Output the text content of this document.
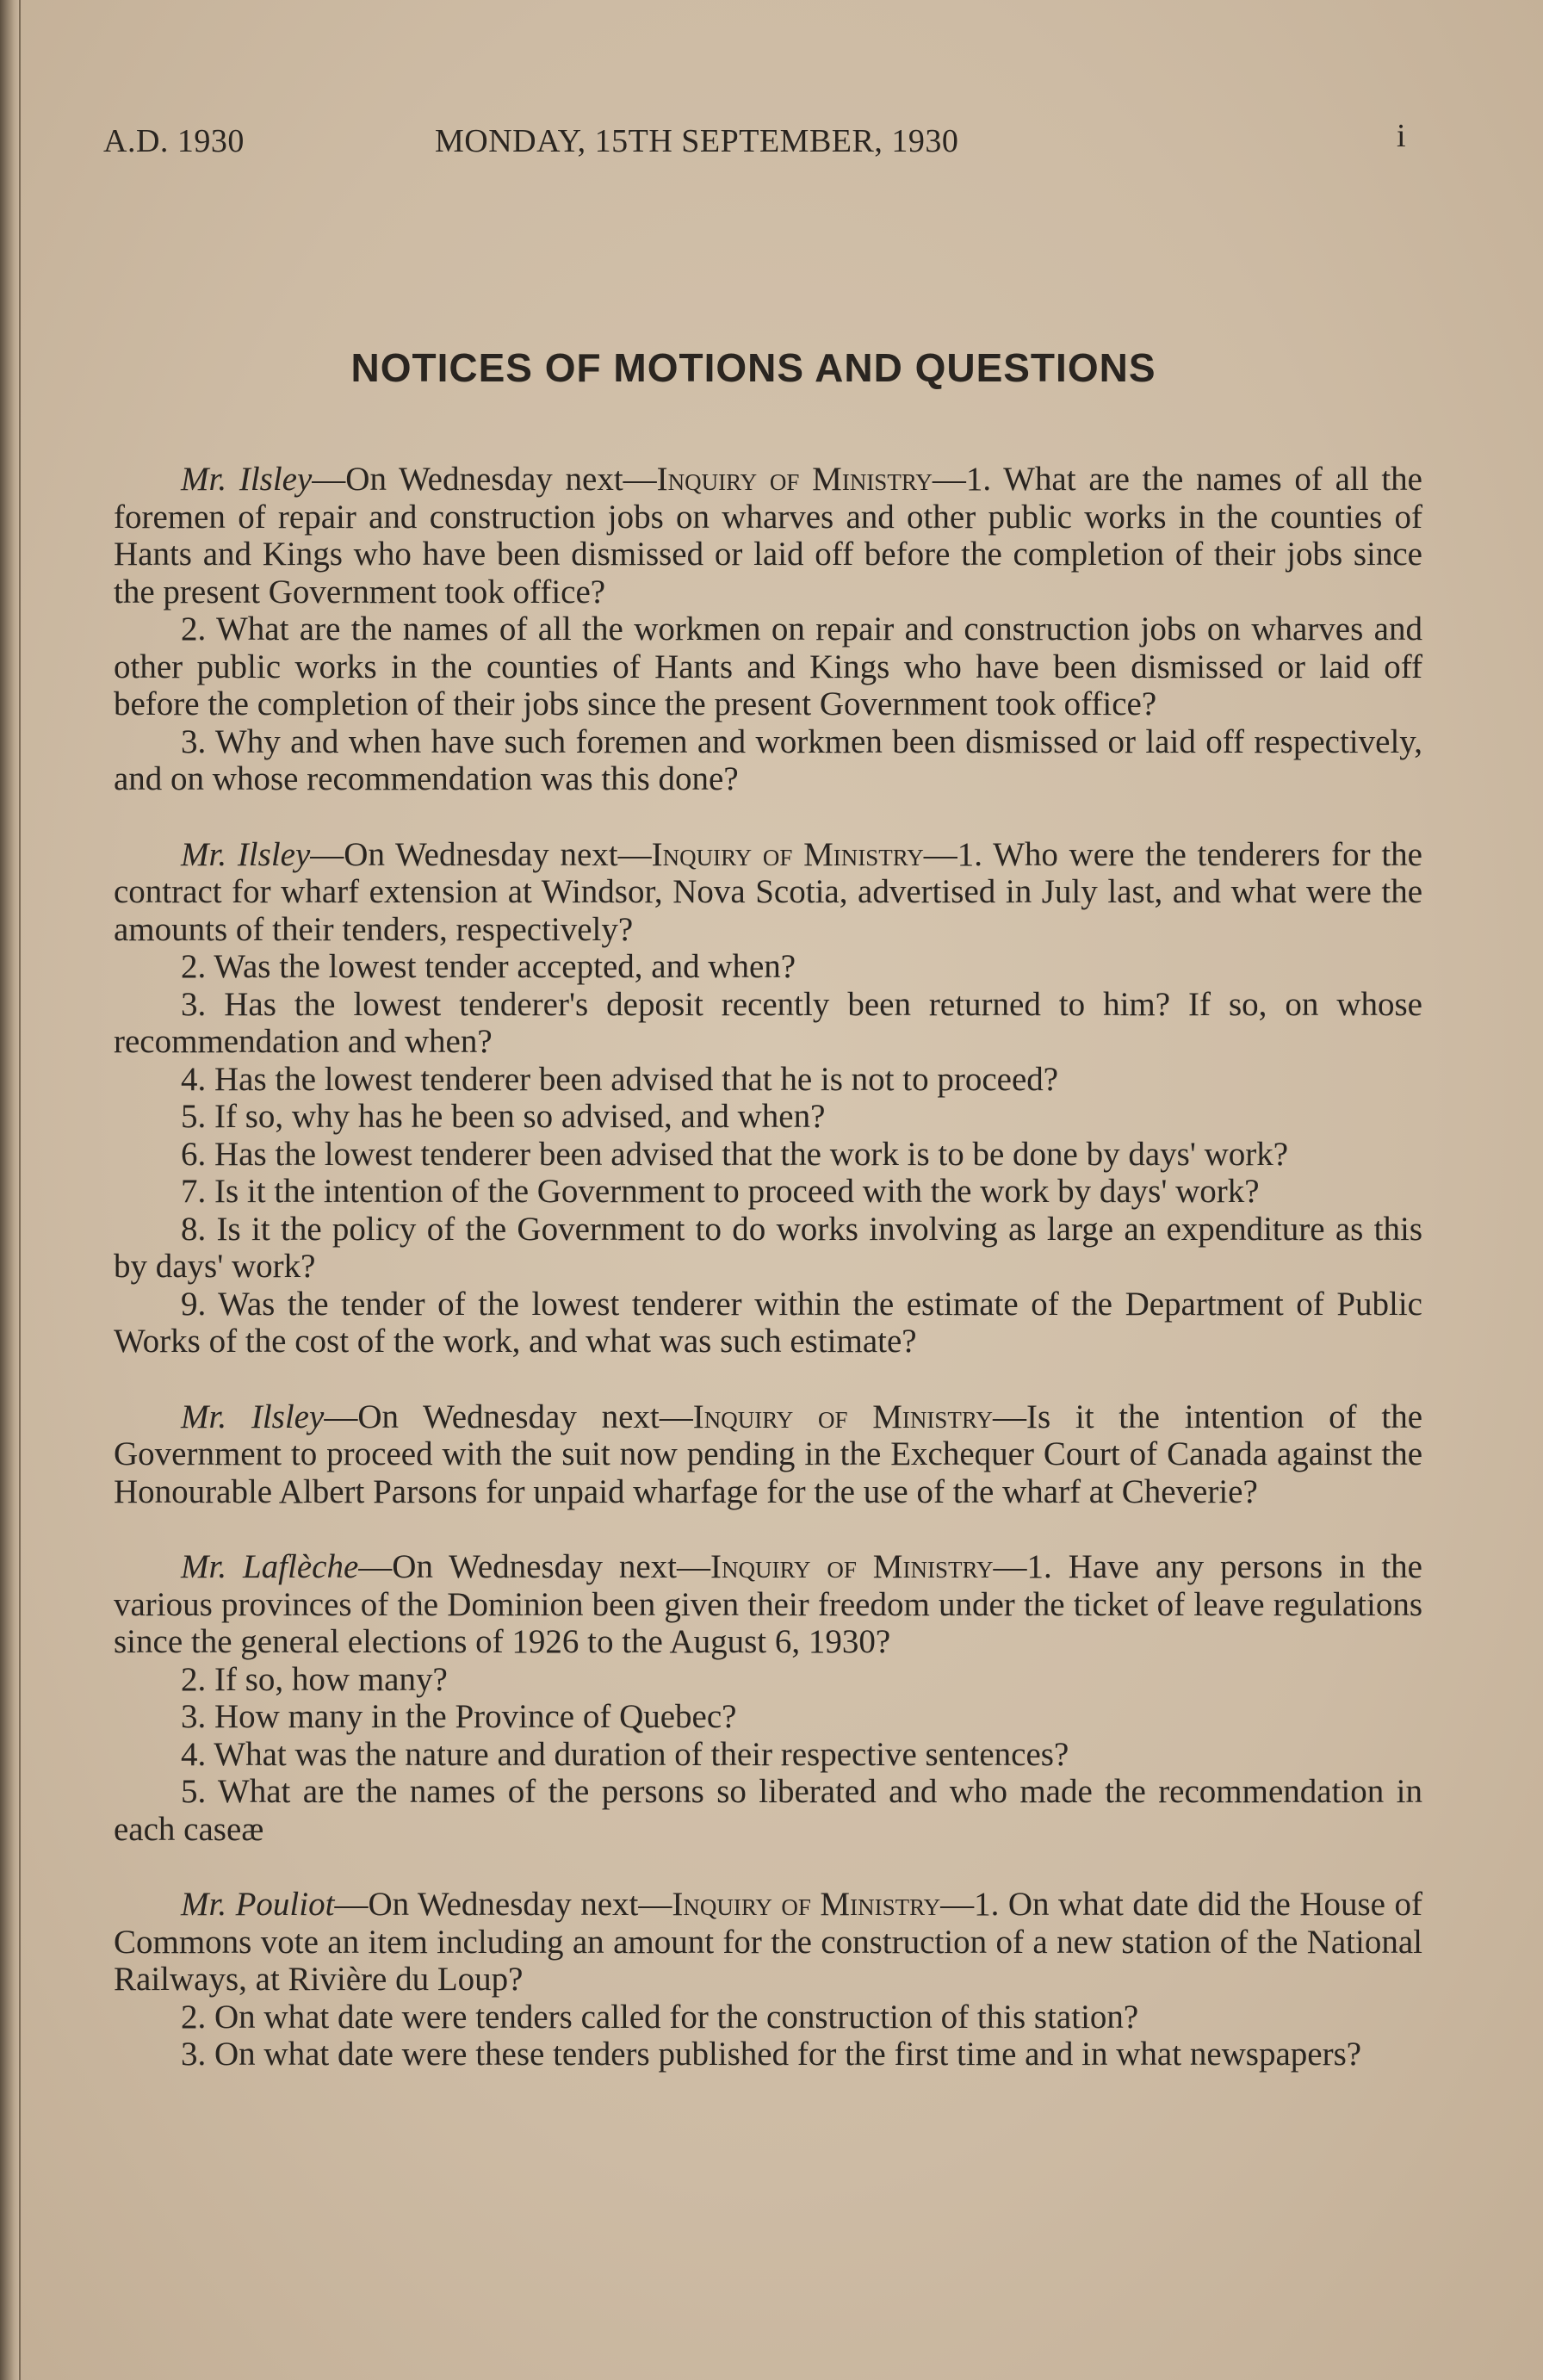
A.D. 1930	MONDAY, 15TH SEPTEMBER, 1930	i
NOTICES OF MOTIONS AND QUESTIONS

Mr. Ilsley—On Wednesday next—Inquiry of Ministry—1. What are the names of all the foremen of repair and construction jobs on wharves and other public works in the counties of Hants and Kings who have been dismissed or laid off before the completion of their jobs since the present Government took office?

2. What are the names of all the workmen on repair and construction jobs on wharves and other public works in the counties of Hants and Kings who have been dismissed or laid off before the completion of their jobs since the present Government took office?

3. Why and when have such foremen and workmen been dismissed or laid off respectively, and on whose recommendation was this done?

Mr. Ilsley—On Wednesday next—Inquiry of Ministry—1. Who were the tenderers for the contract for wharf extension at Windsor, Nova Scotia, advertised in July last, and what were the amounts of their tenders, respectively?

2. Was the lowest tender accepted, and when?

3. Has the lowest tenderer's deposit recently been returned to him? If so, on whose recommendation and when?

4. Has the lowest tenderer been advised that he is not to proceed?

5. If so, why has he been so advised, and when?

6. Has the lowest tenderer been advised that the work is to be done by days' work?

7. Is it the intention of the Government to proceed with the work by days' work?

8. Is it the policy of the Government to do works involving as large an expenditure as this by days' work?

9. Was the tender of the lowest tenderer within the estimate of the Department of Public Works of the cost of the work, and what was such estimate?

Mr. Ilsley—On Wednesday next—Inquiry of Ministry—Is it the intention of the Government to proceed with the suit now pending in the Exchequer Court of Canada against the Honourable Albert Parsons for unpaid wharfage for the use of the wharf at Cheverie?

Mr. Laflèche—On Wednesday next—Inquiry of Ministry—1. Have any persons in the various provinces of the Dominion been given their freedom under the ticket of leave regulations since the general elections of 1926 to the August 6, 1930?

2. If so, how many?

3. How many in the Province of Quebec?

4. What was the nature and duration of their respective sentences?

5. What are the names of the persons so liberated and who made the recommendation in each caseæ

Mr. Pouliot—On Wednesday next—Inquiry of Ministry—1. On what date did the House of Commons vote an item including an amount for the construction of a new station of the National Railways, at Rivière du Loup?

2. On what date were tenders called for the construction of this station?

3. On what date were these tenders published for the first time and in what newspapers?
